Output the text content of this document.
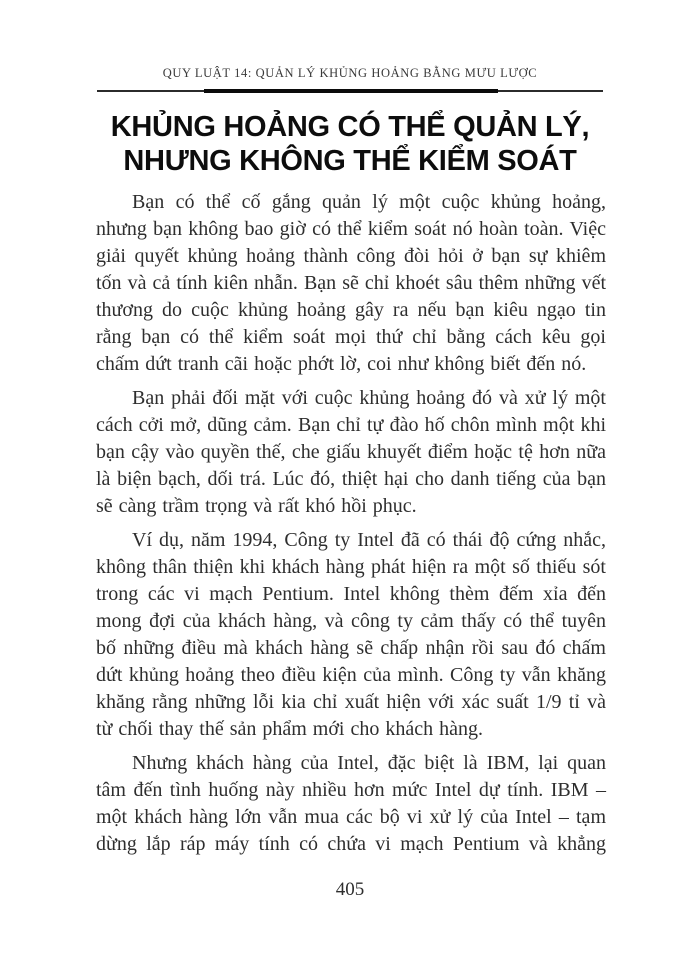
QUY LUẬT 14: QUẢN LÝ KHỦNG HOẢNG BẰNG MƯU LƯỢC
KHỦNG HOẢNG CÓ THỂ QUẢN LÝ,
NHƯNG KHÔNG THỂ KIỂM SOÁT

Bạn có thể cố gắng quản lý một cuộc khủng hoảng, nhưng bạn không bao giờ có thể kiểm soát nó hoàn toàn. Việc giải quyết khủng hoảng thành công đòi hỏi ở bạn sự khiêm tốn và cả tính kiên nhẫn. Bạn sẽ chỉ khoét sâu thêm những vết thương do cuộc khủng hoảng gây ra nếu bạn kiêu ngạo tin rằng bạn có thể kiểm soát mọi thứ chỉ bằng cách kêu gọi chấm dứt tranh cãi hoặc phớt lờ, coi như không biết đến nó.

Bạn phải đối mặt với cuộc khủng hoảng đó và xử lý một cách cởi mở, dũng cảm. Bạn chỉ tự đào hố chôn mình một khi bạn cậy vào quyền thế, che giấu khuyết điểm hoặc tệ hơn nữa là biện bạch, dối trá. Lúc đó, thiệt hại cho danh tiếng của bạn sẽ càng trầm trọng và rất khó hồi phục.

Ví dụ, năm 1994, Công ty Intel đã có thái độ cứng nhắc, không thân thiện khi khách hàng phát hiện ra một số thiếu sót trong các vi mạch Pentium. Intel không thèm đếm xỉa đến mong đợi của khách hàng, và công ty cảm thấy có thể tuyên bố những điều mà khách hàng sẽ chấp nhận rồi sau đó chấm dứt khủng hoảng theo điều kiện của mình. Công ty vẫn khăng khăng rằng những lỗi kia chỉ xuất hiện với xác suất 1/9 tỉ và từ chối thay thế sản phẩm mới cho khách hàng.

Nhưng khách hàng của Intel, đặc biệt là IBM, lại quan tâm đến tình huống này nhiều hơn mức Intel dự tính. IBM – một khách hàng lớn vẫn mua các bộ vi xử lý của Intel – tạm dừng lắp ráp máy tính có chứa vi mạch Pentium và khẳng

405
